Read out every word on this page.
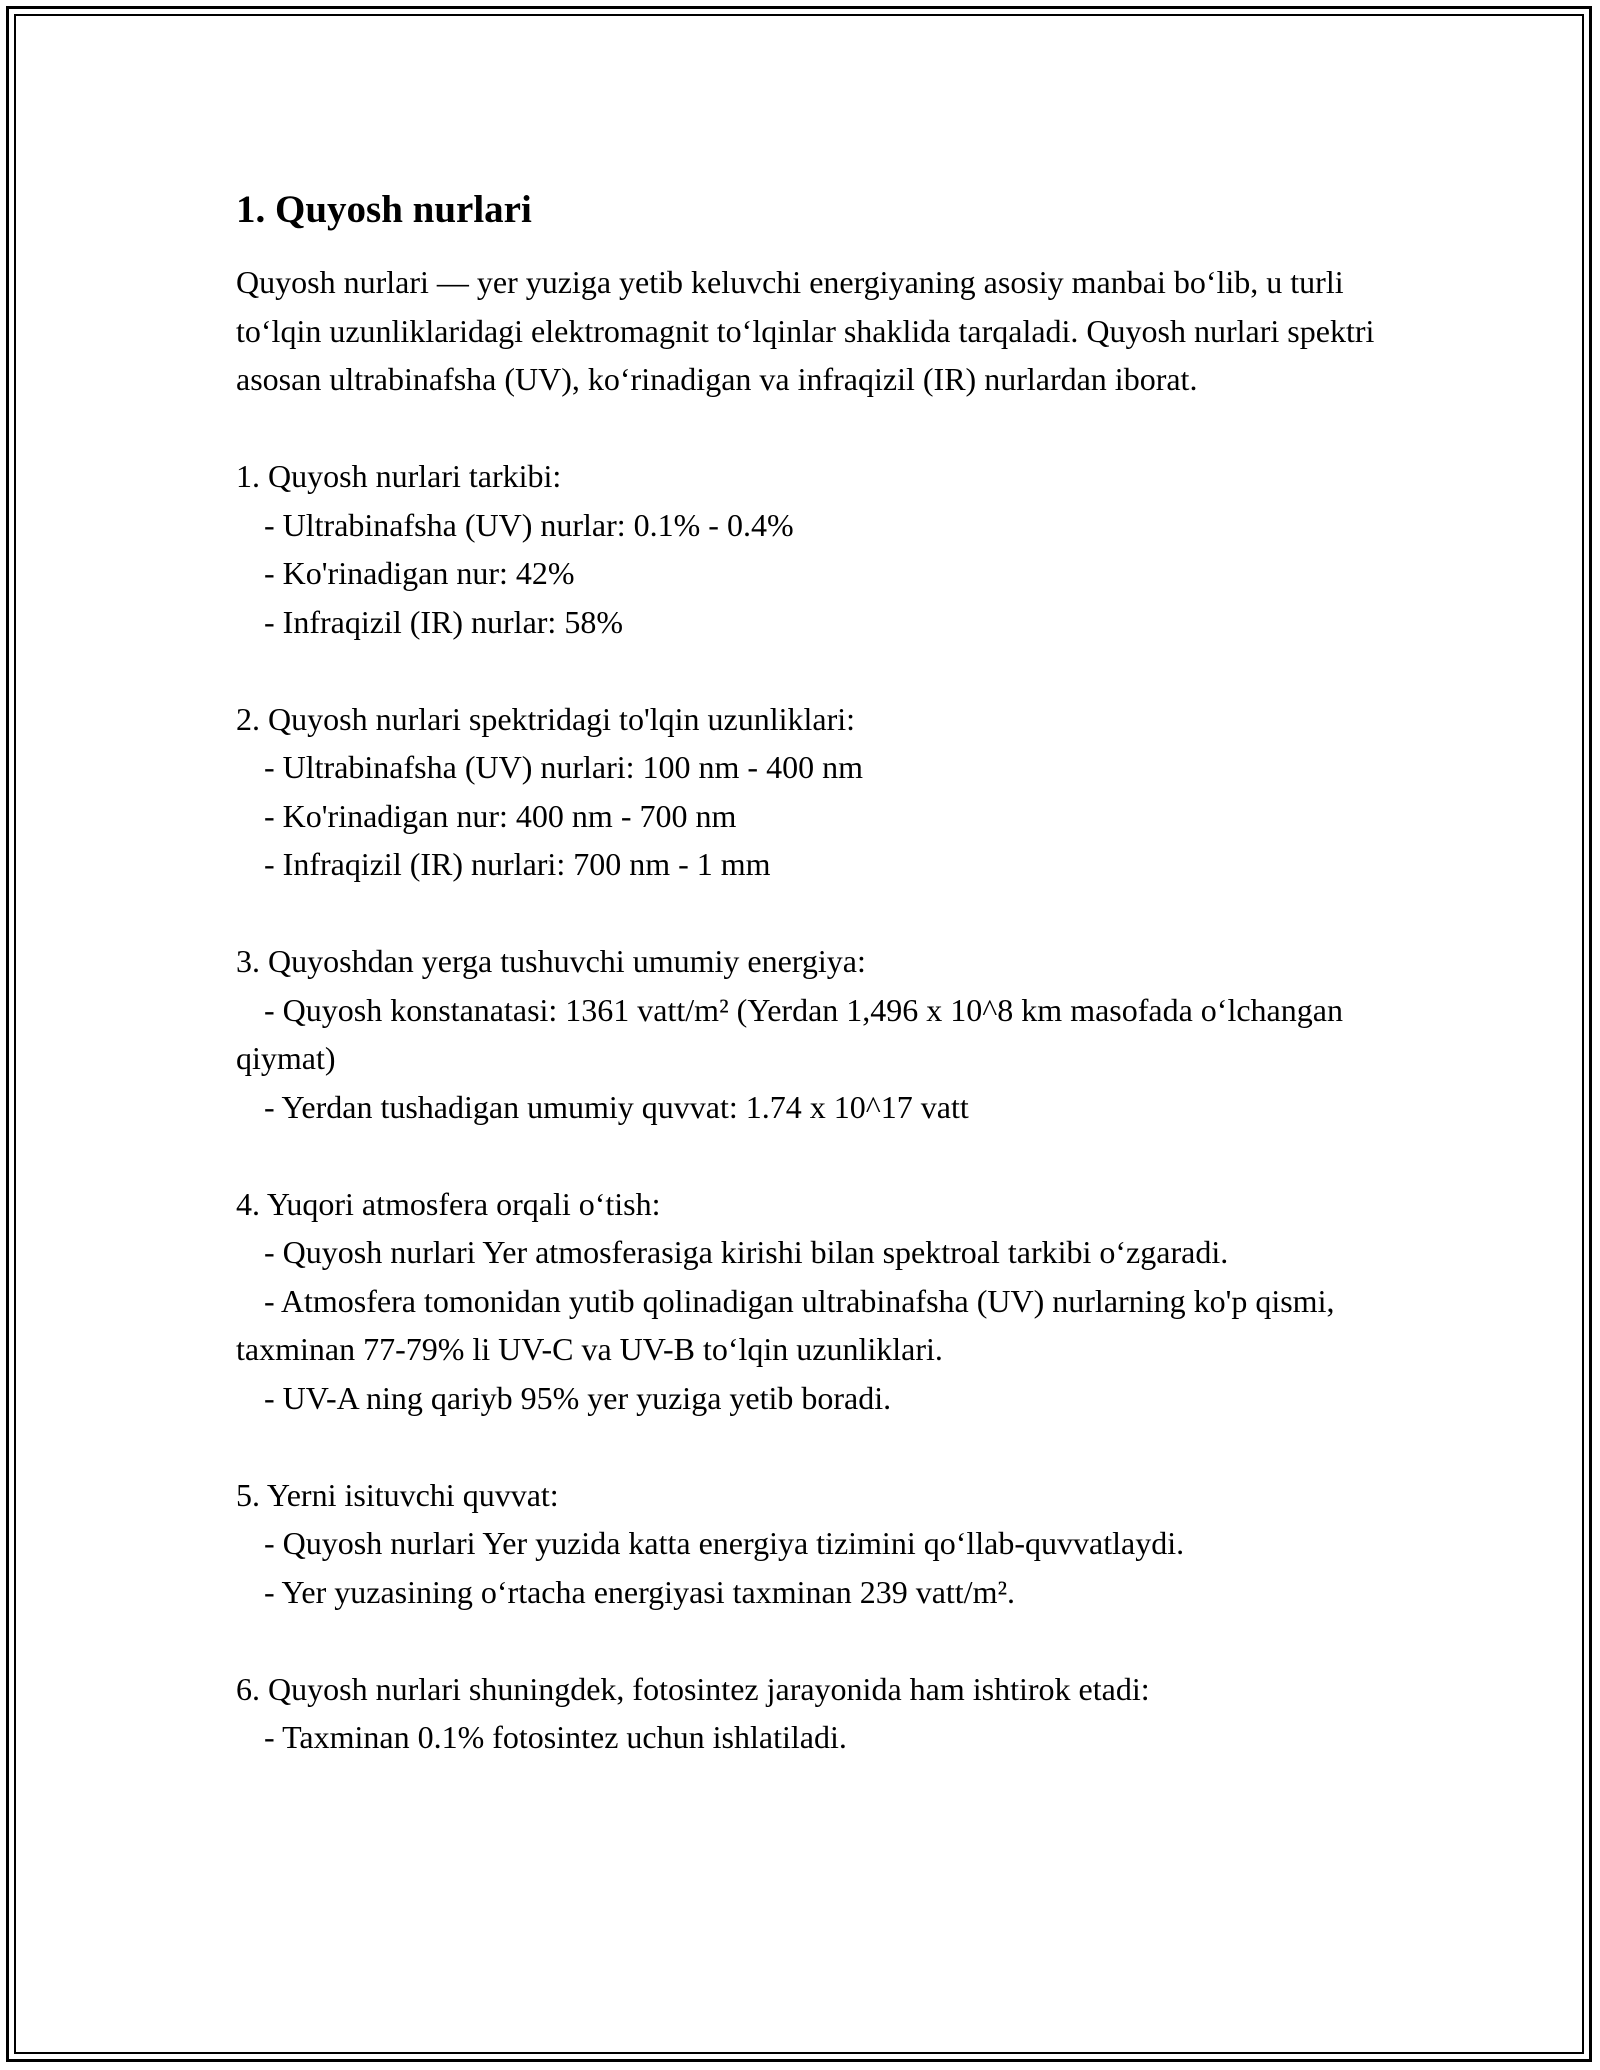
1. Quyosh nurlari

Quyosh nurlari — yer yuziga yetib keluvchi energiyaning asosiy manbai boʻlib, u turli toʻlqin uzunliklaridagi elektromagnit toʻlqinlar shaklida tarqaladi. Quyosh nurlari spektri asosan ultrabinafsha (UV), koʻrinadigan va infraqizil (IR) nurlardan iborat.

1. Quyosh nurlari tarkibi:

- Ultrabinafsha (UV) nurlar: 0.1% - 0.4%

- Ko'rinadigan nur: 42%

- Infraqizil (IR) nurlar: 58%

2. Quyosh nurlari spektridagi to'lqin uzunliklari:

- Ultrabinafsha (UV) nurlari: 100 nm - 400 nm

- Ko'rinadigan nur: 400 nm - 700 nm

- Infraqizil (IR) nurlari: 700 nm - 1 mm

3. Quyoshdan yerga tushuvchi umumiy energiya:

- Quyosh konstanatasi: 1361 vatt/m² (Yerdan 1,496 x 10^8 km masofada oʻlchangan qiymat)

- Yerdan tushadigan umumiy quvvat: 1.74 x 10^17 vatt

4. Yuqori atmosfera orqali oʻtish:

- Quyosh nurlari Yer atmosferasiga kirishi bilan spektroal tarkibi oʻzgaradi.

- Atmosfera tomonidan yutib qolinadigan ultrabinafsha (UV) nurlarning ko'p qismi, taxminan 77-79% li UV-C va UV-B toʻlqin uzunliklari.

- UV-A ning qariyb 95% yer yuziga yetib boradi.

5. Yerni isituvchi quvvat:

- Quyosh nurlari Yer yuzida katta energiya tizimini qoʻllab-quvvatlaydi.

- Yer yuzasining oʻrtacha energiyasi taxminan 239 vatt/m².

6. Quyosh nurlari shuningdek, fotosintez jarayonida ham ishtirok etadi:

- Taxminan 0.1% fotosintez uchun ishlatiladi.
